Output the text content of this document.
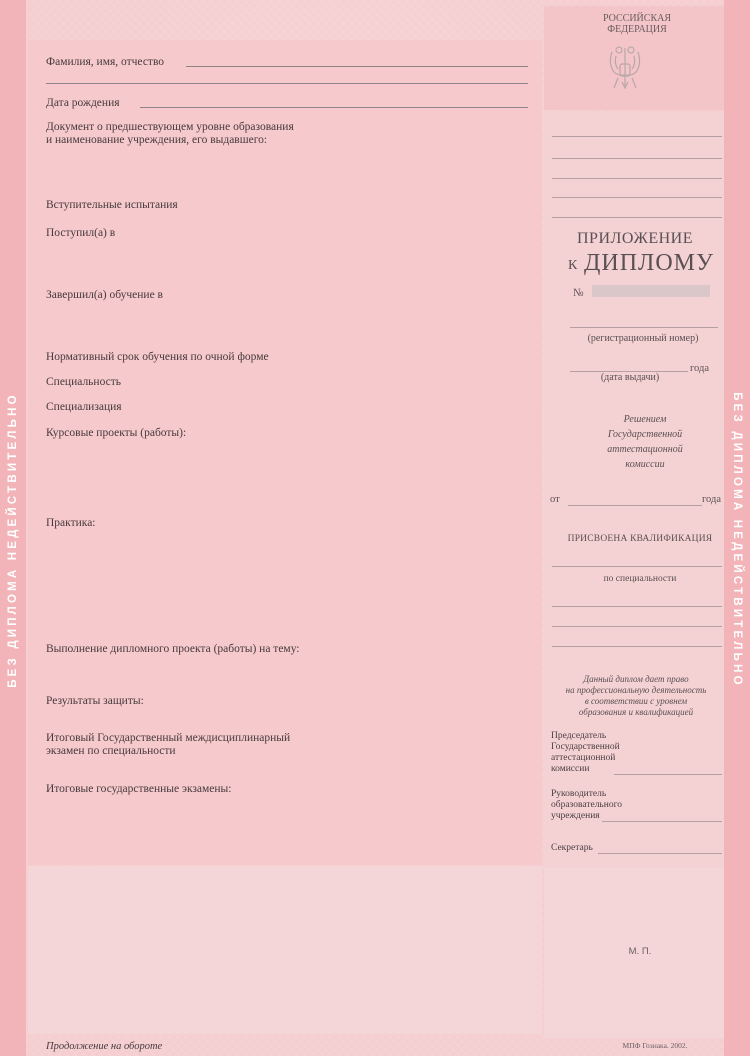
БЕЗ ДИПЛОМА НЕДЕЙСТВИТЕЛЬНО	БЕЗ ДИПЛОМА НЕДЕЙСТВИТЕЛЬНО
Фамилия, имя, отчество
Дата рождения
Документ о предшествующем уровне образования
и наименование учреждения, его выдавшего:
Вступительные испытания
Поступил(а) в
Завершил(а) обучение в
Нормативный срок обучения по очной форме
Специальность
Специализация
Курсовые проекты (работы):
Практика:
Выполнение дипломного проекта (работы) на тему:
Результаты защиты:
Итоговый Государственный междисциплинарный
экзамен по специальности
Итоговые государственные экзамены:
Продолжение на обороте
РОССИЙСКАЯ
ФЕДЕРАЦИЯ
ПРИЛОЖЕНИЕ
К ДИПЛОМУ
№
(регистрационный номер)
года
(дата выдачи)
Решением
Государственной
аттестационной
комиссии
от	года
ПРИСВОЕНА КВАЛИФИКАЦИЯ
по специальности
Данный диплом дает право
на профессиональную деятельность
в соответствии с уровнем
образования и квалификацией
Председатель
Государственной
аттестационной
комиссии
Руководитель
образовательного
учреждения
Секретарь
М. П.
МПФ Гознака. 2002.
